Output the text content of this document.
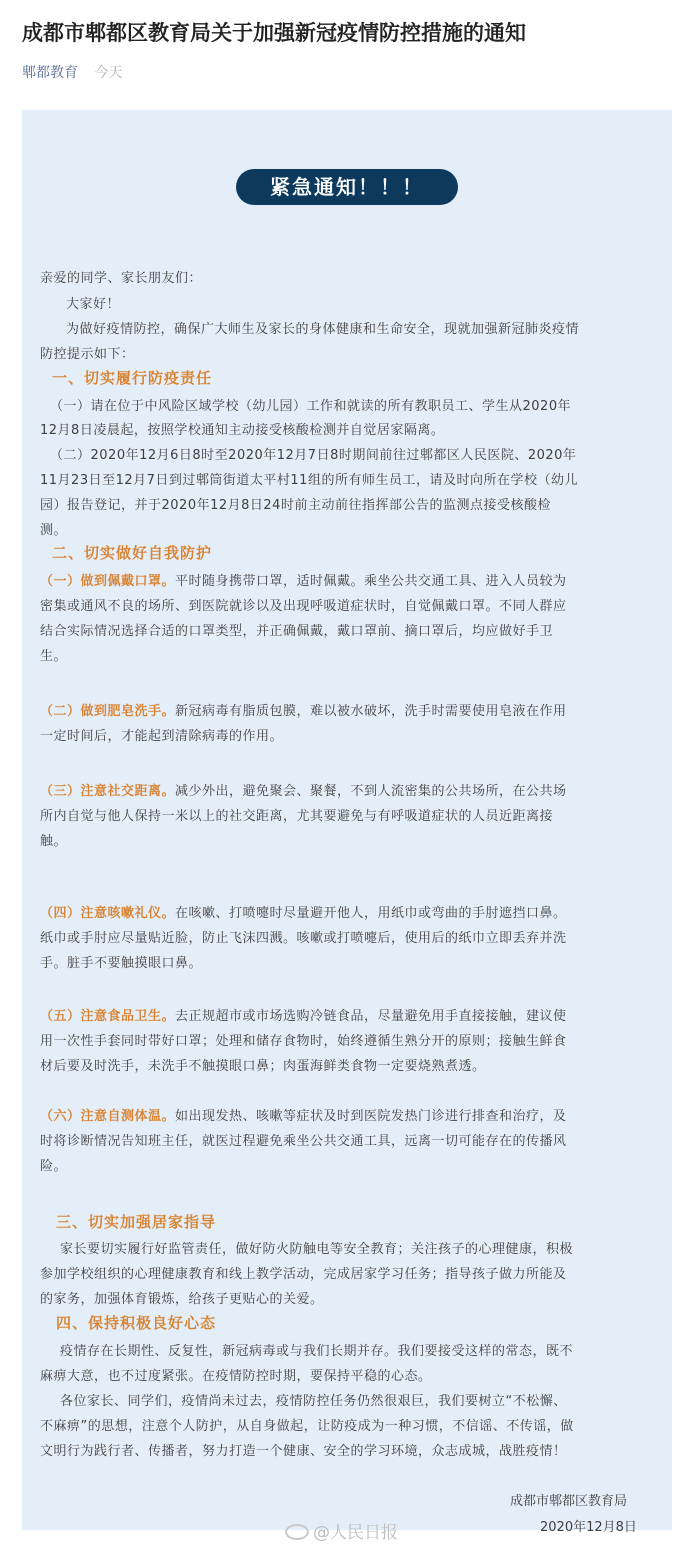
成都市郫都区教育局关于加强新冠疫情防控措施的通知
郫都教育 今天
紧急通知！！！
亲爱的同学、家长朋友们：
大家好！
为做好疫情防控，确保广大师生及家长的身体健康和生命安全，现就加强新冠肺炎疫情
防控提示如下：
一、切实履行防疫责任
（一）请在位于中风险区域学校（幼儿园）工作和就读的所有教职员工、学生从2020年
12月8日凌晨起，按照学校通知主动接受核酸检测并自觉居家隔离。
（二）2020年12月6日8时至2020年12月7日8时期间前往过郫都区人民医院、2020年
11月23日至12月7日到过郫筒街道太平村11组的所有师生员工，请及时向所在学校（幼儿
园）报告登记，并于2020年12月8日24时前主动前往指挥部公告的监测点接受核酸检
测。
二、切实做好自我防护
（一）做到佩戴口罩。平时随身携带口罩，适时佩戴。乘坐公共交通工具、进入人员较为
密集或通风不良的场所、到医院就诊以及出现呼吸道症状时，自觉佩戴口罩。不同人群应
结合实际情况选择合适的口罩类型，并正确佩戴，戴口罩前、摘口罩后，均应做好手卫
生。
（二）做到肥皂洗手。新冠病毒有脂质包膜，难以被水破坏，洗手时需要使用皂液在作用
一定时间后，才能起到清除病毒的作用。
（三）注意社交距离。减少外出，避免聚会、聚餐，不到人流密集的公共场所，在公共场
所内自觉与他人保持一米以上的社交距离，尤其要避免与有呼吸道症状的人员近距离接
触。
（四）注意咳嗽礼仪。在咳嗽、打喷嚏时尽量避开他人，用纸巾或弯曲的手肘遮挡口鼻。
纸巾或手肘应尽量贴近脸，防止飞沫四溅。咳嗽或打喷嚏后，使用后的纸巾立即丢弃并洗
手。脏手不要触摸眼口鼻。
（五）注意食品卫生。去正规超市或市场选购冷链食品，尽量避免用手直接接触，建议使
用一次性手套同时带好口罩；处理和储存食物时，始终遵循生熟分开的原则；接触生鲜食
材后要及时洗手，未洗手不触摸眼口鼻；肉蛋海鲜类食物一定要烧熟煮透。
（六）注意自测体温。如出现发热、咳嗽等症状及时到医院发热门诊进行排查和治疗，及
时将诊断情况告知班主任，就医过程避免乘坐公共交通工具，远离一切可能存在的传播风
险。
三、切实加强居家指导
家长要切实履行好监管责任，做好防火防触电等安全教育；关注孩子的心理健康，积极
参加学校组织的心理健康教育和线上教学活动，完成居家学习任务；指导孩子做力所能及
的家务，加强体育锻炼，给孩子更贴心的关爱。
四、保持积极良好心态
疫情存在长期性、反复性，新冠病毒或与我们长期并存。我们要接受这样的常态，既不
麻痹大意，也不过度紧张。在疫情防控时期，要保持平稳的心态。
各位家长、同学们，疫情尚未过去，疫情防控任务仍然很艰巨，我们要树立“不松懈、
不麻痹”的思想，注意个人防护，从自身做起，让防疫成为一种习惯，不信谣、不传谣，做
文明行为践行者、传播者，努力打造一个健康、安全的学习环境，众志成城，战胜疫情！
成都市郫都区教育局
2020年12月8日
@人民日报
